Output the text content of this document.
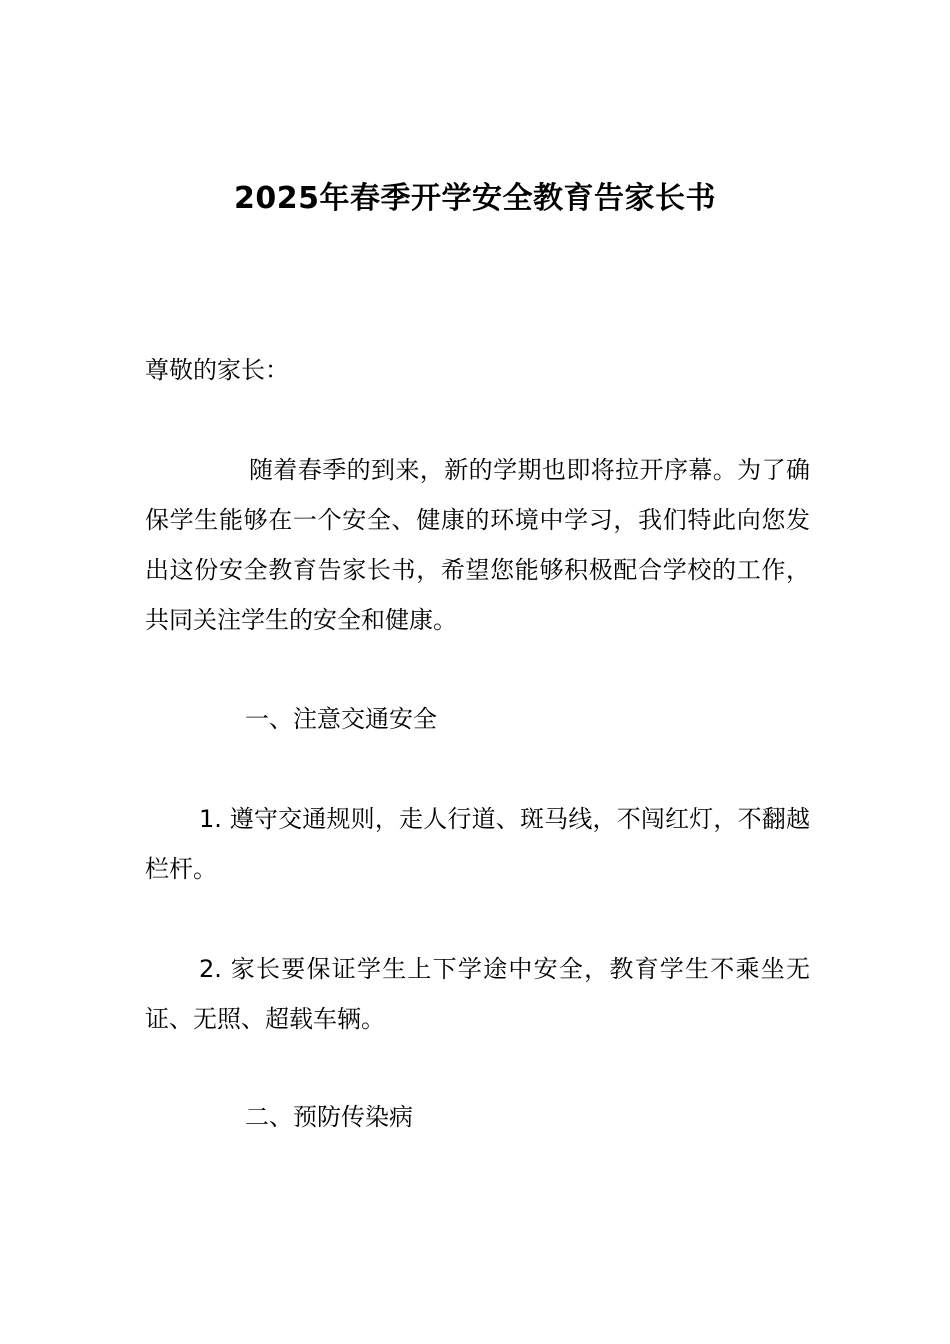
2025年春季开学安全教育告家长书

尊敬的家长：

随着春季的到来，新的学期也即将拉开序幕。为了确保学生能够在一个安全、健康的环境中学习，我们特此向您发出这份安全教育告家长书，希望您能够积极配合学校的工作，共同关注学生的安全和健康。

一、注意交通安全

1. 遵守交通规则，走人行道、斑马线，不闯红灯，不翻越栏杆。

2. 家长要保证学生上下学途中安全，教育学生不乘坐无证、无照、超载车辆。

二、预防传染病
